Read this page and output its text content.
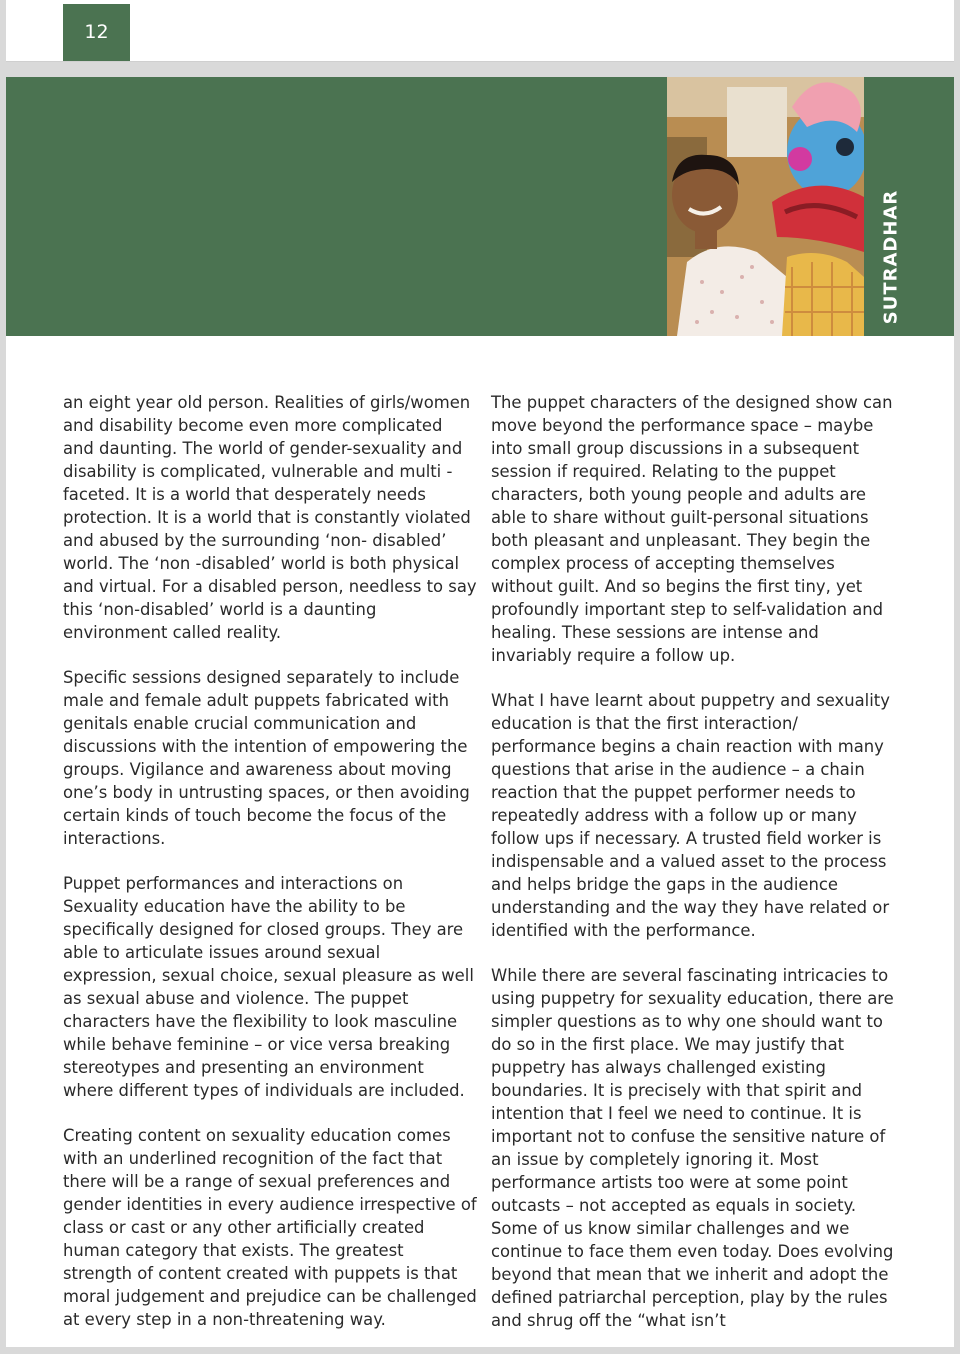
12
SUTRADHAR

an eight year old person. Realities of girls/women and disability become even more complicated and daunting. The world of gender-sexuality and disability is complicated, vulnerable and multi -faceted. It is a world that desperately needs protection. It is a world that is constantly violated and abused by the surrounding ‘non- disabled’ world. The ‘non -disabled’ world is both physical and virtual. For a disabled person, needless to say this ‘non-disabled’ world is a daunting environment called reality.

Specific sessions designed separately to include male and female adult puppets fabricated with genitals enable crucial communication and discussions with the intention of empowering the groups. Vigilance and awareness about moving one’s body in untrusting spaces, or then avoiding certain kinds of touch become the focus of the interactions.

Puppet performances and interactions on Sexuality education have the ability to be specifically designed for closed groups. They are able to articulate issues around sexual expression, sexual choice, sexual pleasure as well as sexual abuse and violence. The puppet characters have the flexibility to look masculine while behave feminine – or vice versa breaking stereotypes and presenting an environment where different types of individuals are included.

Creating content on sexuality education comes with an underlined recognition of the fact that there will be a range of sexual preferences and gender identities in every audience irrespective of class or cast or any other artificially created human category that exists. The greatest strength of content created with puppets is that moral judgement and prejudice can be challenged at every step in a non-threatening way.

The puppet characters of the designed show can move beyond the performance space – maybe into small group discussions in a subsequent session if required. Relating to the puppet characters, both young people and adults are able to share without guilt-personal situations both pleasant and unpleasant. They begin the complex process of accepting themselves without guilt. And so begins the first tiny, yet profoundly important step to self-validation and healing. These sessions are intense and invariably require a follow up.

What I have learnt about puppetry and sexuality education is that the first interaction/ performance begins a chain reaction with many questions that arise in the audience – a chain reaction that the puppet performer needs to repeatedly address with a follow up or many follow ups if necessary. A trusted field worker is indispensable and a valued asset to the process and helps bridge the gaps in the audience understanding and the way they have related or identified with the performance.

While there are several fascinating intricacies to using puppetry for sexuality education, there are simpler questions as to why one should want to do so in the first place. We may justify that puppetry has always challenged existing boundaries. It is precisely with that spirit and intention that I feel we need to continue. It is important not to confuse the sensitive nature of an issue by completely ignoring it. Most performance artists too were at some point outcasts – not accepted as equals in society. Some of us know similar challenges and we continue to face them even today. Does evolving beyond that mean that we inherit and adopt the defined patriarchal perception, play by the rules and shrug off the “what isn’t
